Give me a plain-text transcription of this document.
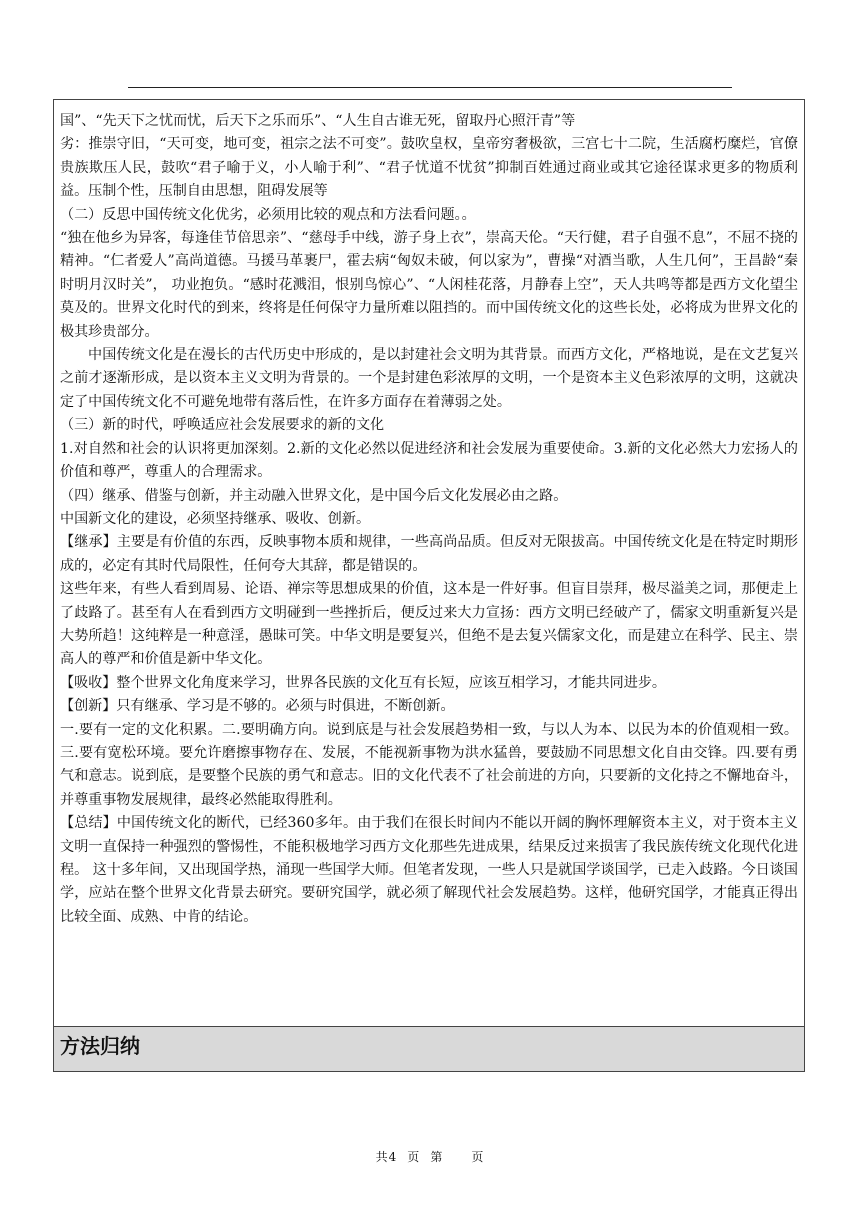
国”、“先天下之忧而忧，后天下之乐而乐”、“人生自古谁无死，留取丹心照汗青”等

劣：推崇守旧，“天可变，地可变，祖宗之法不可变”。鼓吹皇权，皇帝穷奢极欲，三宫七十二院，生活腐朽糜烂，官僚贵族欺压人民，鼓吹“君子喻于义，小人喻于利”、“君子忧道不忧贫”抑制百姓通过商业或其它途径谋求更多的物质利益。压制个性，压制自由思想，阻碍发展等

（二）反思中国传统文化优劣，必须用比较的观点和方法看问题。。

“独在他乡为异客，每逢佳节倍思亲”、“慈母手中线，游子身上衣”，崇高天伦。“天行健，君子自强不息”，不屈不挠的精神。“仁者爱人”高尚道德。马援马革裹尸，霍去病“匈奴未破，何以家为”，曹操“对酒当歌，人生几何”，王昌龄“秦时明月汉时关”， 功业抱负。“感时花溅泪，恨别鸟惊心”、“人闲桂花落，月静春上空”，天人共鸣等都是西方文化望尘莫及的。世界文化时代的到来，终将是任何保守力量所难以阻挡的。而中国传统文化的这些长处，必将成为世界文化的极其珍贵部分。

中国传统文化是在漫长的古代历史中形成的，是以封建社会文明为其背景。而西方文化，严格地说，是在文艺复兴之前才逐渐形成，是以资本主义文明为背景的。一个是封建色彩浓厚的文明，一个是资本主义色彩浓厚的文明，这就决定了中国传统文化不可避免地带有落后性，在许多方面存在着薄弱之处。

（三）新的时代，呼唤适应社会发展要求的新的文化

1.对自然和社会的认识将更加深刻。2.新的文化必然以促进经济和社会发展为重要使命。3.新的文化必然大力宏扬人的价值和尊严，尊重人的合理需求。

（四）继承、借鉴与创新，并主动融入世界文化，是中国今后文化发展必由之路。

中国新文化的建设，必须坚持继承、吸收、创新。

【继承】主要是有价值的东西，反映事物本质和规律，一些高尚品质。但反对无限拔高。中国传统文化是在特定时期形成的，必定有其时代局限性，任何夸大其辞，都是错误的。

这些年来，有些人看到周易、论语、禅宗等思想成果的价值，这本是一件好事。但盲目崇拜，极尽溢美之词，那便走上了歧路了。甚至有人在看到西方文明碰到一些挫折后，便反过来大力宣扬：西方文明已经破产了，儒家文明重新复兴是大势所趋！这纯粹是一种意淫，愚昧可笑。中华文明是要复兴，但绝不是去复兴儒家文化，而是建立在科学、民主、崇高人的尊严和价值是新中华文化。

【吸收】整个世界文化角度来学习，世界各民族的文化互有长短，应该互相学习，才能共同进步。

【创新】只有继承、学习是不够的。必须与时俱进，不断创新。

一.要有一定的文化积累。二.要明确方向。说到底是与社会发展趋势相一致，与以人为本、以民为本的价值观相一致。三.要有宽松环境。要允许磨擦事物存在、发展，不能视新事物为洪水猛兽，要鼓励不同思想文化自由交锋。四.要有勇气和意志。说到底，是要整个民族的勇气和意志。旧的文化代表不了社会前进的方向，只要新的文化持之不懈地奋斗，并尊重事物发展规律，最终必然能取得胜利。

【总结】中国传统文化的断代，已经360多年。由于我们在很长时间内不能以开阔的胸怀理解资本主义，对于资本主义文明一直保持一种强烈的警惕性，不能积极地学习西方文化那些先进成果，结果反过来损害了我民族传统文化现代化进程。 这十多年间，又出现国学热，涌现一些国学大师。但笔者发现，一些人只是就国学谈国学，已走入歧路。今日谈国学，应站在整个世界文化背景去研究。要研究国学，就必须了解现代社会发展趋势。这样，他研究国学，才能真正得出比较全面、成熟、中肯的结论。

方法归纳
共4 页 第 页
